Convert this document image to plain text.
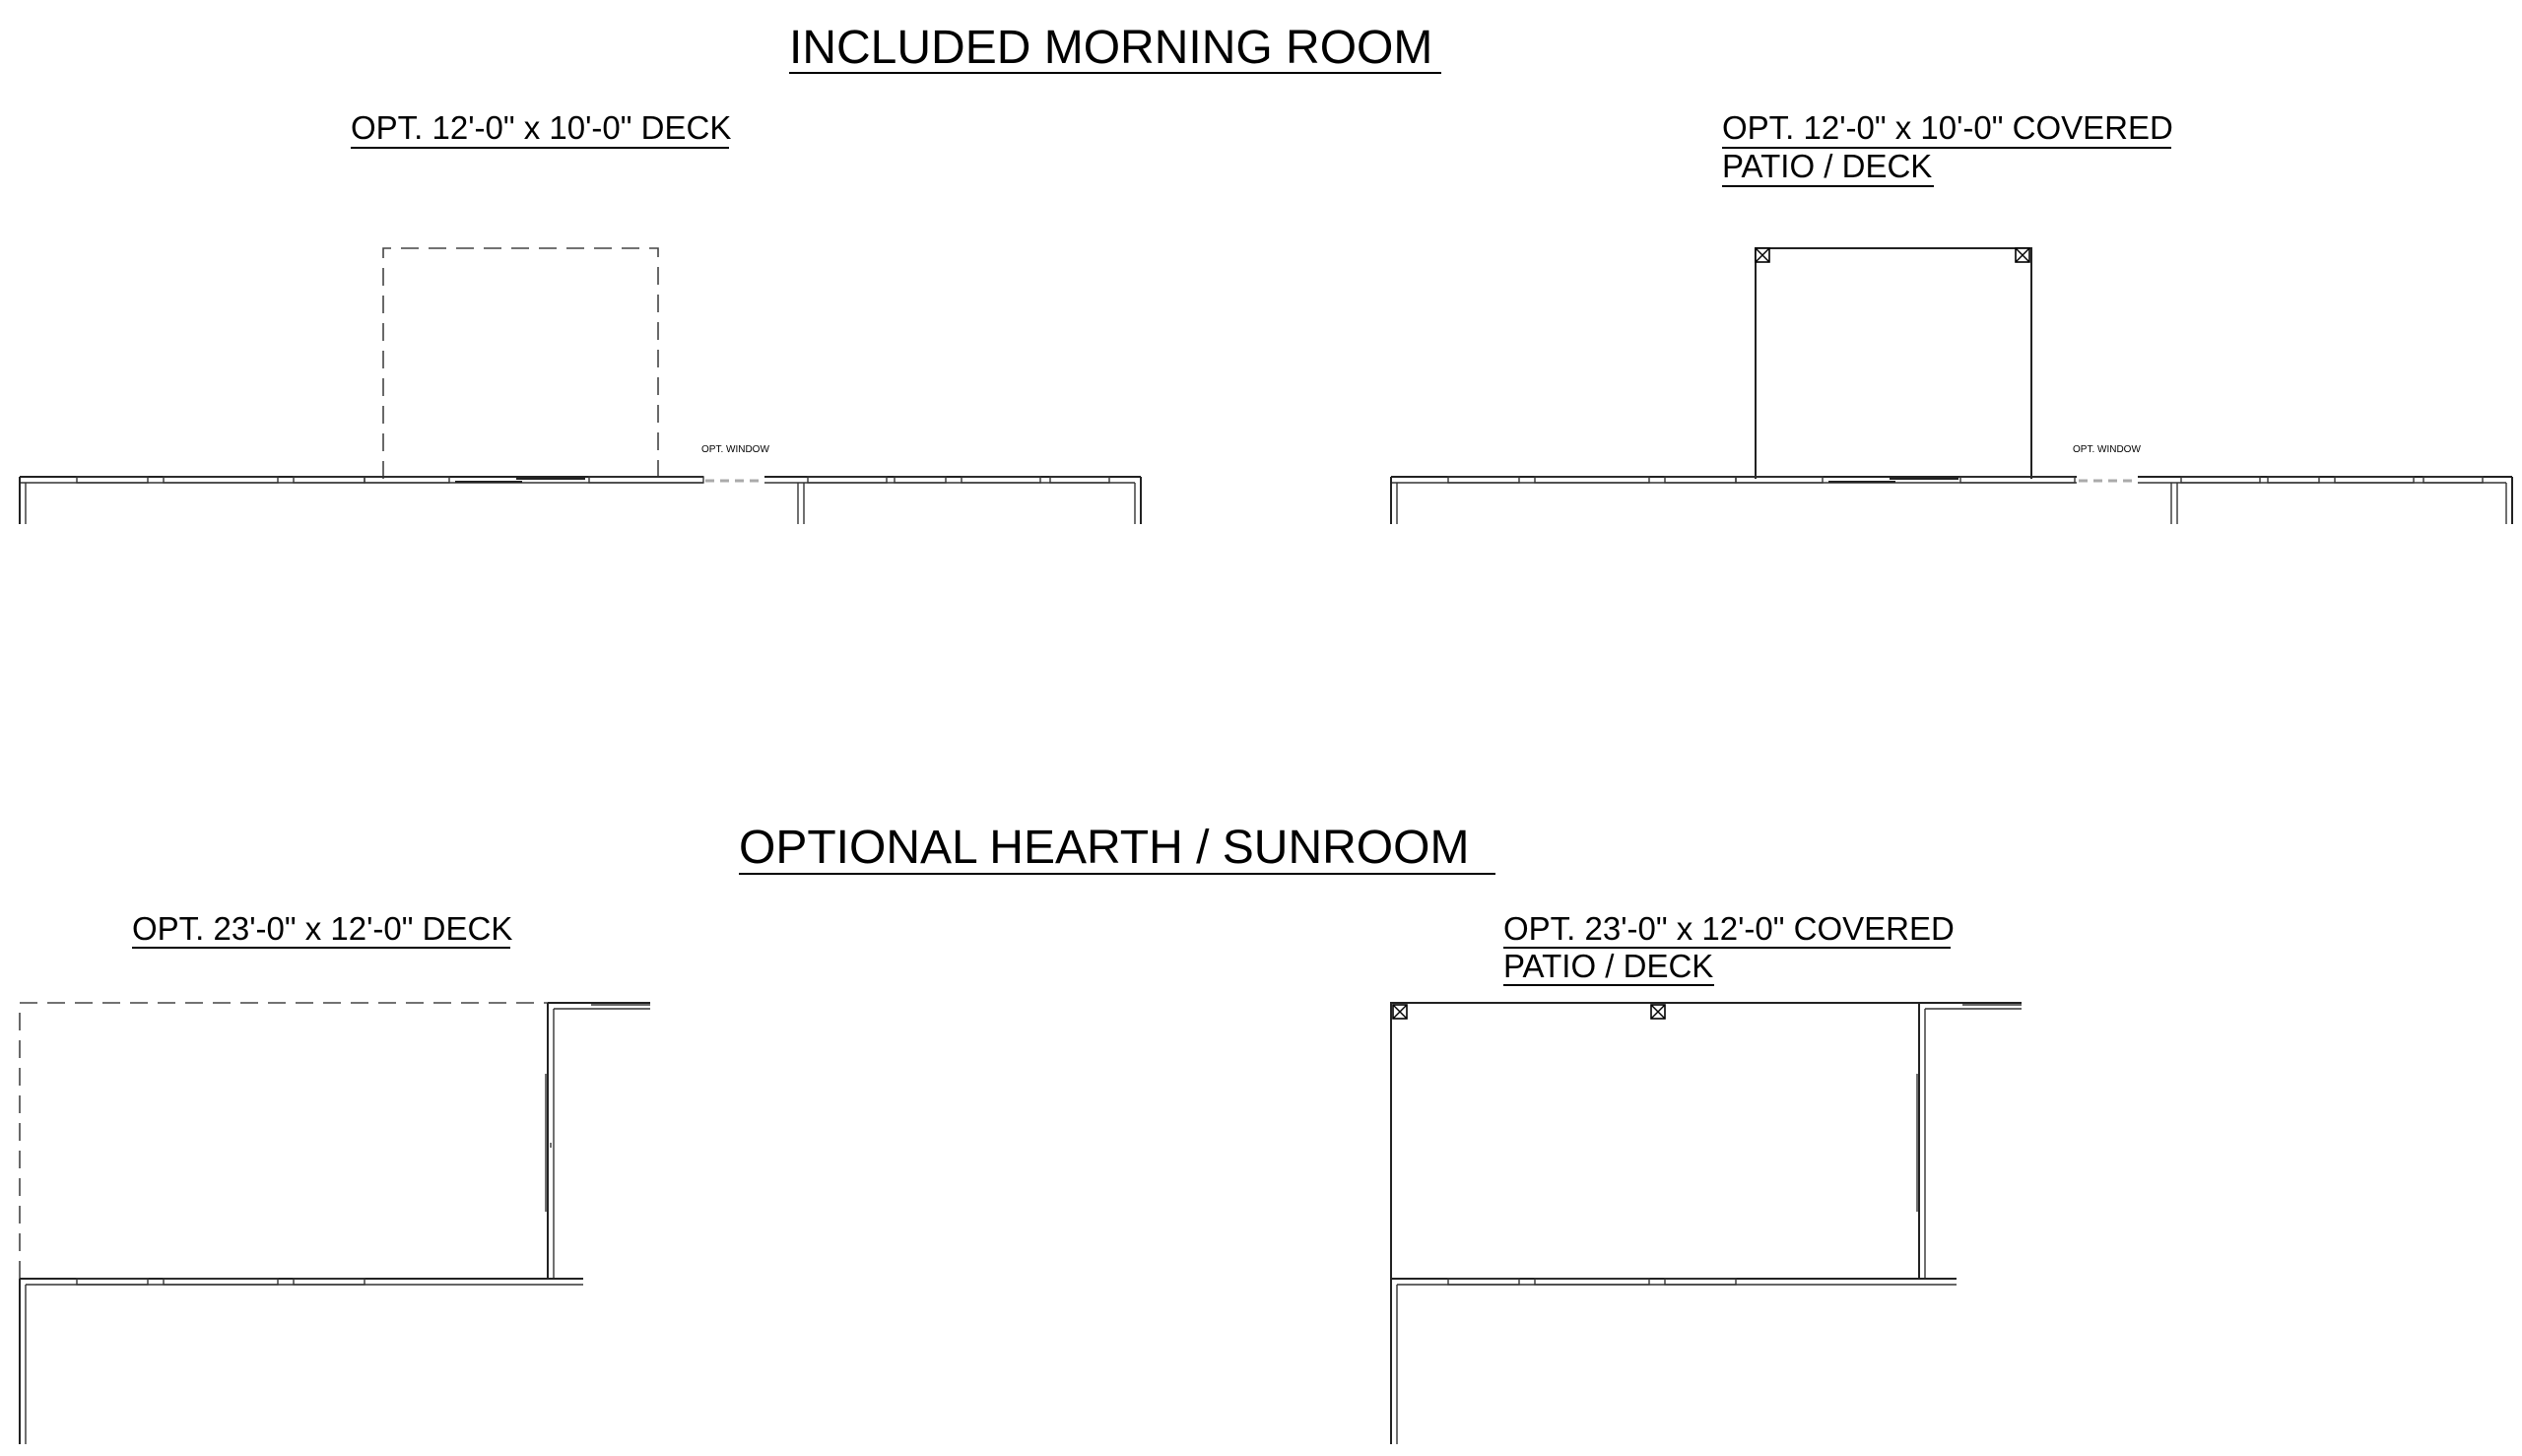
INCLUDED MORNING ROOM
OPT. 12'-0" x 10'-0" DECK	OPT. 12'-0" x 10'-0" COVERED
PATIO / DECK
OPTIONAL HEARTH / SUNROOM
OPT. 23'-0" x 12'-0" DECK	OPT. 23'-0" x 12'-0" COVERED
PATIO / DECK
OPT. WINDOW	OPT. WINDOW
